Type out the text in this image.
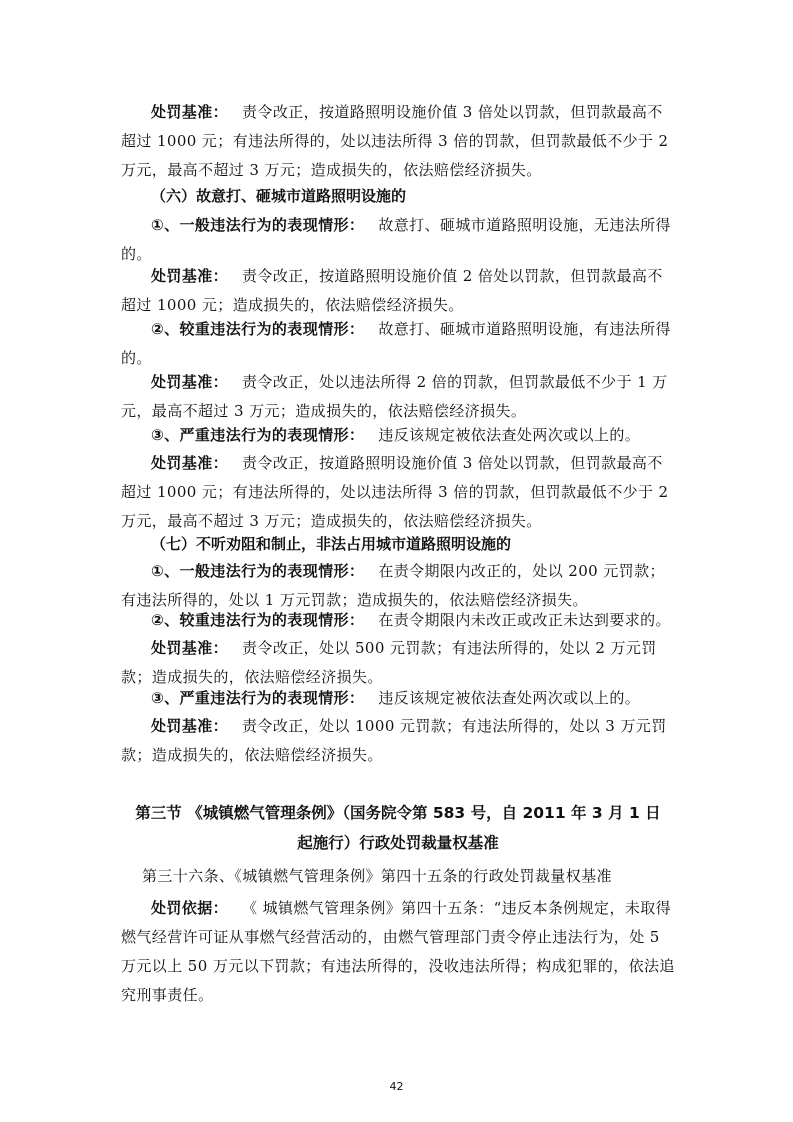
处罚基准： 责令改正，按道路照明设施价值 3 倍处以罚款，但罚款最高不超过 1000 元；有违法所得的，处以违法所得 3 倍的罚款，但罚款最低不少于 2 万元，最高不超过 3 万元；造成损失的，依法赔偿经济损失。

（六）故意打、砸城市道路照明设施的

①、一般违法行为的表现情形： 故意打、砸城市道路照明设施，无违法所得的。

处罚基准： 责令改正，按道路照明设施价值 2 倍处以罚款，但罚款最高不超过 1000 元；造成损失的，依法赔偿经济损失。

②、较重违法行为的表现情形： 故意打、砸城市道路照明设施，有违法所得的。

处罚基准： 责令改正，处以违法所得 2 倍的罚款，但罚款最低不少于 1 万元，最高不超过 3 万元；造成损失的，依法赔偿经济损失。

③、严重违法行为的表现情形： 违反该规定被依法查处两次或以上的。

处罚基准： 责令改正，按道路照明设施价值 3 倍处以罚款，但罚款最高不超过 1000 元；有违法所得的，处以违法所得 3 倍的罚款，但罚款最低不少于 2 万元，最高不超过 3 万元；造成损失的，依法赔偿经济损失。

（七）不听劝阻和制止，非法占用城市道路照明设施的

①、一般违法行为的表现情形： 在责令期限内改正的，处以 200 元罚款；有违法所得的，处以 1 万元罚款；造成损失的，依法赔偿经济损失。

②、较重违法行为的表现情形： 在责令期限内未改正或改正未达到要求的。

处罚基准： 责令改正，处以 500 元罚款；有违法所得的，处以 2 万元罚款；造成损失的，依法赔偿经济损失。

③、严重违法行为的表现情形： 违反该规定被依法查处两次或以上的。

处罚基准： 责令改正，处以 1000 元罚款；有违法所得的，处以 3 万元罚款；造成损失的，依法赔偿经济损失。

第三节 《城镇燃气管理条例》（国务院令第 583 号，自 2011 年 3 月 1 日

起施行）行政处罚裁量权基准

第三十六条、《城镇燃气管理条例》第四十五条的行政处罚裁量权基准

处罚依据： 《 城镇燃气管理条例》第四十五条：“违反本条例规定，未取得燃气经营许可证从事燃气经营活动的，由燃气管理部门责令停止违法行为，处 5 万元以上 50 万元以下罚款；有违法所得的，没收违法所得；构成犯罪的，依法追究刑事责任。

42
